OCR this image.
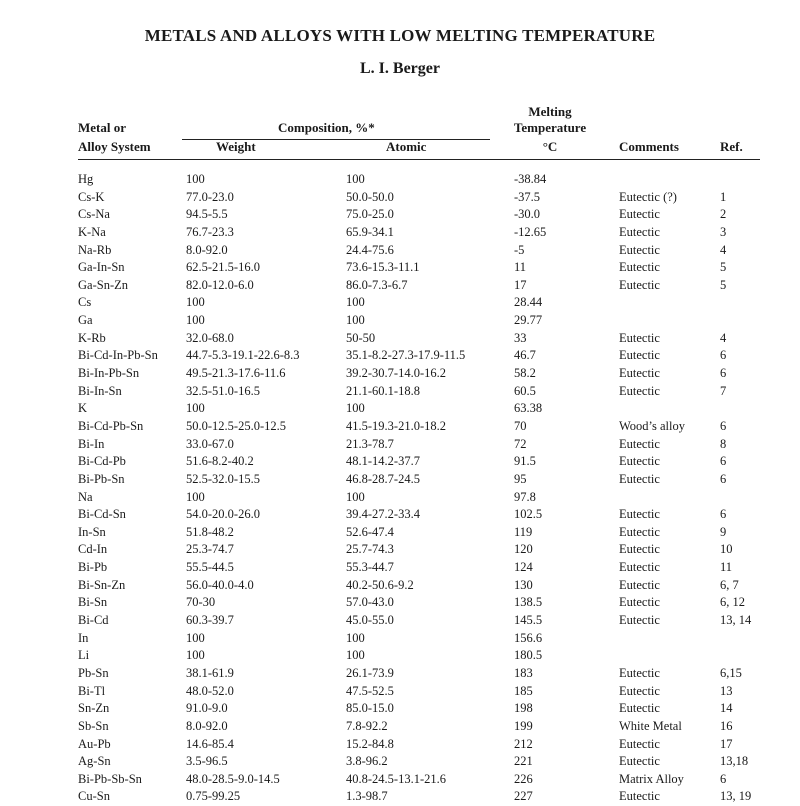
METALS AND ALLOYS WITH LOW MELTING TEMPERATURE
L. I. Berger
Metal or
Alloy System
Composition, %*
Weight	Atomic
Melting
Temperature
°C	Comments	Ref.
Hg	100	100	-38.84
Cs-K	77.0-23.0	50.0-50.0	-37.5	Eutectic (?)	1
Cs-Na	94.5-5.5	75.0-25.0	-30.0	Eutectic	2
K-Na	76.7-23.3	65.9-34.1	-12.65	Eutectic	3
Na-Rb	8.0-92.0	24.4-75.6	-5	Eutectic	4
Ga-In-Sn	62.5-21.5-16.0	73.6-15.3-11.1	11	Eutectic	5
Ga-Sn-Zn	82.0-12.0-6.0	86.0-7.3-6.7	17	Eutectic	5
Cs	100	100	28.44
Ga	100	100	29.77
K-Rb	32.0-68.0	50-50	33	Eutectic	4
Bi-Cd-In-Pb-Sn 44.7-5.3-19.1-22.6-8.3	35.1-8.2-27.3-17.9-11.5	46.7	Eutectic	6
Bi-In-Pb-Sn	49.5-21.3-17.6-11.6	39.2-30.7-14.0-16.2	58.2	Eutectic	6
Bi-In-Sn	32.5-51.0-16.5	21.1-60.1-18.8	60.5	Eutectic	7
K	100	100	63.38
Bi-Cd-Pb-Sn	50.0-12.5-25.0-12.5	41.5-19.3-21.0-18.2	70	Wood’s alloy	6
Bi-In	33.0-67.0	21.3-78.7	72	Eutectic	8
Bi-Cd-Pb	51.6-8.2-40.2	48.1-14.2-37.7	91.5	Eutectic	6
Bi-Pb-Sn	52.5-32.0-15.5	46.8-28.7-24.5	95	Eutectic	6
Na	100	100	97.8
Bi-Cd-Sn	54.0-20.0-26.0	39.4-27.2-33.4	102.5	Eutectic	6
In-Sn	51.8-48.2	52.6-47.4	119	Eutectic	9
Cd-In	25.3-74.7	25.7-74.3	120	Eutectic	10
Bi-Pb	55.5-44.5	55.3-44.7	124	Eutectic	11
Bi-Sn-Zn	56.0-40.0-4.0	40.2-50.6-9.2	130	Eutectic	6, 7
Bi-Sn	70-30	57.0-43.0	138.5	Eutectic	6, 12
Bi-Cd	60.3-39.7	45.0-55.0	145.5	Eutectic	13, 14
In	100	100	156.6
Li	100	100	180.5
Pb-Sn	38.1-61.9	26.1-73.9	183	Eutectic	6,15
Bi-Tl	48.0-52.0	47.5-52.5	185	Eutectic	13
Sn-Zn	91.0-9.0	85.0-15.0	198	Eutectic	14
Sb-Sn	8.0-92.0	7.8-92.2	199	White Metal	16
Au-Pb	14.6-85.4	15.2-84.8	212	Eutectic	17
Ag-Sn	3.5-96.5	3.8-96.2	221	Eutectic	13,18
Bi-Pb-Sb-Sn	48.0-28.5-9.0-14.5	40.8-24.5-13.1-21.6	226	Matrix Alloy	6
Cu-Sn	0.75-99.25	1.3-98.7	227	Eutectic	13, 19
